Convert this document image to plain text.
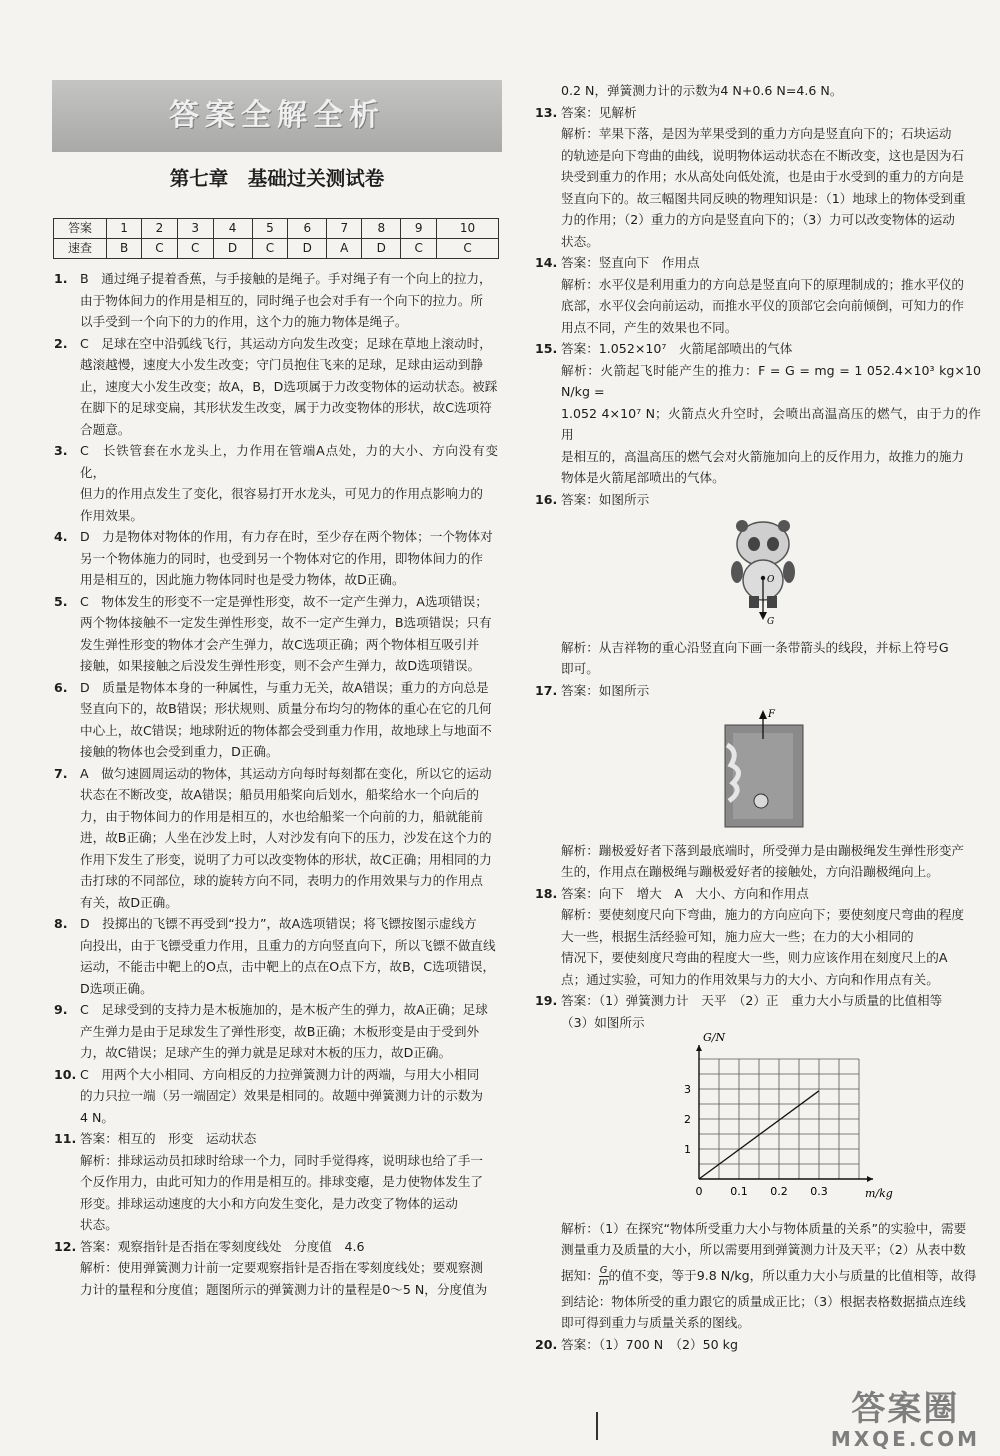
答案全解全析
第七章　基础过关测试卷
答案	1	2	3	4	5	6	7	8	9	10
速查	B	C	C	D	C	D	A	D	C	C
1. B　通过绳子提着香蕉，与手接触的是绳子。手对绳子有一个向上的拉力，
由于物体间力的作用是相互的，同时绳子也会对手有一个向下的拉力。所
以手受到一个向下的力的作用，这个力的施力物体是绳子。
2. C　足球在空中沿弧线飞行，其运动方向发生改变；足球在草地上滚动时，
越滚越慢，速度大小发生改变；守门员抱住飞来的足球，足球由运动到静
止，速度大小发生改变；故A，B，D选项属于力改变物体的运动状态。被踩
在脚下的足球变扁，其形状发生改变，属于力改变物体的形状，故C选项符
合题意。
3. C　长铁管套在水龙头上，力作用在管端A点处，力的大小、方向没有变化，
但力的作用点发生了变化，很容易打开水龙头，可见力的作用点影响力的
作用效果。
4. D　力是物体对物体的作用，有力存在时，至少存在两个物体；一个物体对
另一个物体施力的同时，也受到另一个物体对它的作用，即物体间力的作
用是相互的，因此施力物体同时也是受力物体，故D正确。
5. C　物体发生的形变不一定是弹性形变，故不一定产生弹力，A选项错误；
两个物体接触不一定发生弹性形变，故不一定产生弹力，B选项错误；只有
发生弹性形变的物体才会产生弹力，故C选项正确；两个物体相互吸引并
接触，如果接触之后没发生弹性形变，则不会产生弹力，故D选项错误。
6. D　质量是物体本身的一种属性，与重力无关，故A错误；重力的方向总是
竖直向下的，故B错误；形状规则、质量分布均匀的物体的重心在它的几何
中心上，故C错误；地球附近的物体都会受到重力作用，故地球上与地面不
接触的物体也会受到重力，D正确。
7. A　做匀速圆周运动的物体，其运动方向每时每刻都在变化，所以它的运动
状态在不断改变，故A错误；船员用船桨向后划水，船桨给水一个向后的
力，由于物体间力的作用是相互的，水也给船桨一个向前的力，船就能前
进，故B正确；人坐在沙发上时，人对沙发有向下的压力，沙发在这个力的
作用下发生了形变，说明了力可以改变物体的形状，故C正确；用相同的力
击打球的不同部位，球的旋转方向不同，表明力的作用效果与力的作用点
有关，故D正确。
8. D　投掷出的飞镖不再受到“投力”，故A选项错误；将飞镖按图示虚线方
向投出，由于飞镖受重力作用，且重力的方向竖直向下，所以飞镖不做直线
运动，不能击中靶上的O点，击中靶上的点在O点下方，故B，C选项错误，
D选项正确。
9. C　足球受到的支持力是木板施加的，是木板产生的弹力，故A正确；足球
产生弹力是由于足球发生了弹性形变，故B正确；木板形变是由于受到外
力，故C错误；足球产生的弹力就是足球对木板的压力，故D正确。
10. C　用两个大小相同、方向相反的力拉弹簧测力计的两端，与用大小相同
的力只拉一端（另一端固定）效果是相同的。故题中弹簧测力计的示数为
4 N。
11. 答案：相互的　形变　运动状态
解析：排球运动员扣球时给球一个力，同时手觉得疼，说明球也给了手一
个反作用力，由此可知力的作用是相互的。排球变瘪，是力使物体发生了
形变。排球运动速度的大小和方向发生变化，是力改变了物体的运动
状态。
12. 答案：观察指针是否指在零刻度线处　分度值　4.6
解析：使用弹簧测力计前一定要观察指针是否指在零刻度线处；要观察测
力计的量程和分度值；题图所示的弹簧测力计的量程是0～5 N，分度值为
0.2 N，弹簧测力计的示数为4 N+0.6 N=4.6 N。
13. 答案：见解析
解析：苹果下落，是因为苹果受到的重力方向是竖直向下的；石块运动
的轨迹是向下弯曲的曲线，说明物体运动状态在不断改变，这也是因为石
块受到重力的作用；水从高处向低处流，也是由于水受到的重力的方向是
竖直向下的。故三幅图共同反映的物理知识是：（1）地球上的物体受到重
力的作用；（2）重力的方向是竖直向下的；（3）力可以改变物体的运动
状态。
14. 答案：竖直向下　作用点
解析：水平仪是利用重力的方向总是竖直向下的原理制成的；推水平仪的
底部，水平仪会向前运动，而推水平仪的顶部它会向前倾倒，可知力的作
用点不同，产生的效果也不同。
15. 答案：1.052×10⁷　火箭尾部喷出的气体
解析：火箭起飞时能产生的推力：F = G = mg = 1 052.4×10³ kg×10 N/kg =
1.052 4×10⁷ N；火箭点火升空时，会喷出高温高压的燃气，由于力的作用
是相互的，高温高压的燃气会对火箭施加向上的反作用力，故推力的施力
物体是火箭尾部喷出的气体。
16. 答案：如图所示
O
G
解析：从吉祥物的重心沿竖直向下画一条带箭头的线段，并标上符号G
即可。
17. 答案：如图所示
F
解析：蹦极爱好者下落到最底端时，所受弹力是由蹦极绳发生弹性形变产
生的，作用点在蹦极绳与蹦极爱好者的接触处，方向沿蹦极绳向上。
18. 答案：向下　增大　A　大小、方向和作用点
解析：要使刻度尺向下弯曲，施力的方向应向下；要使刻度尺弯曲的程度
大一些，根据生活经验可知，施力应大一些；在力的大小相同的
情况下，要使刻度尺弯曲的程度大一些，则力应该作用在刻度尺上的A
点；通过实验，可知力的作用效果与力的大小、方向和作用点有关。
19. 答案：（1）弹簧测力计　天平　（2）正　重力大小与质量的比值相等
（3）如图所示
0	0.1 0.2 0.3
1
2
3
m/kg
G/N
解析：（1）在探究“物体所受重力大小与物体质量的关系”的实验中，需要
测量重力及质量的大小，所以需要用到弹簧测力计及天平；（2）从表中数
据知： $\frac{G}{m}$ 的值不变，等于9.8 N/kg，所以重力大小与质量的比值相等，故得
到结论：物体所受的重力跟它的质量成正比；（3）根据表格数据描点连线
即可得到重力与质量关系的图线。
20. 答案：（1）700 N　（2）50 kg
答案圈
MXQE.COM
